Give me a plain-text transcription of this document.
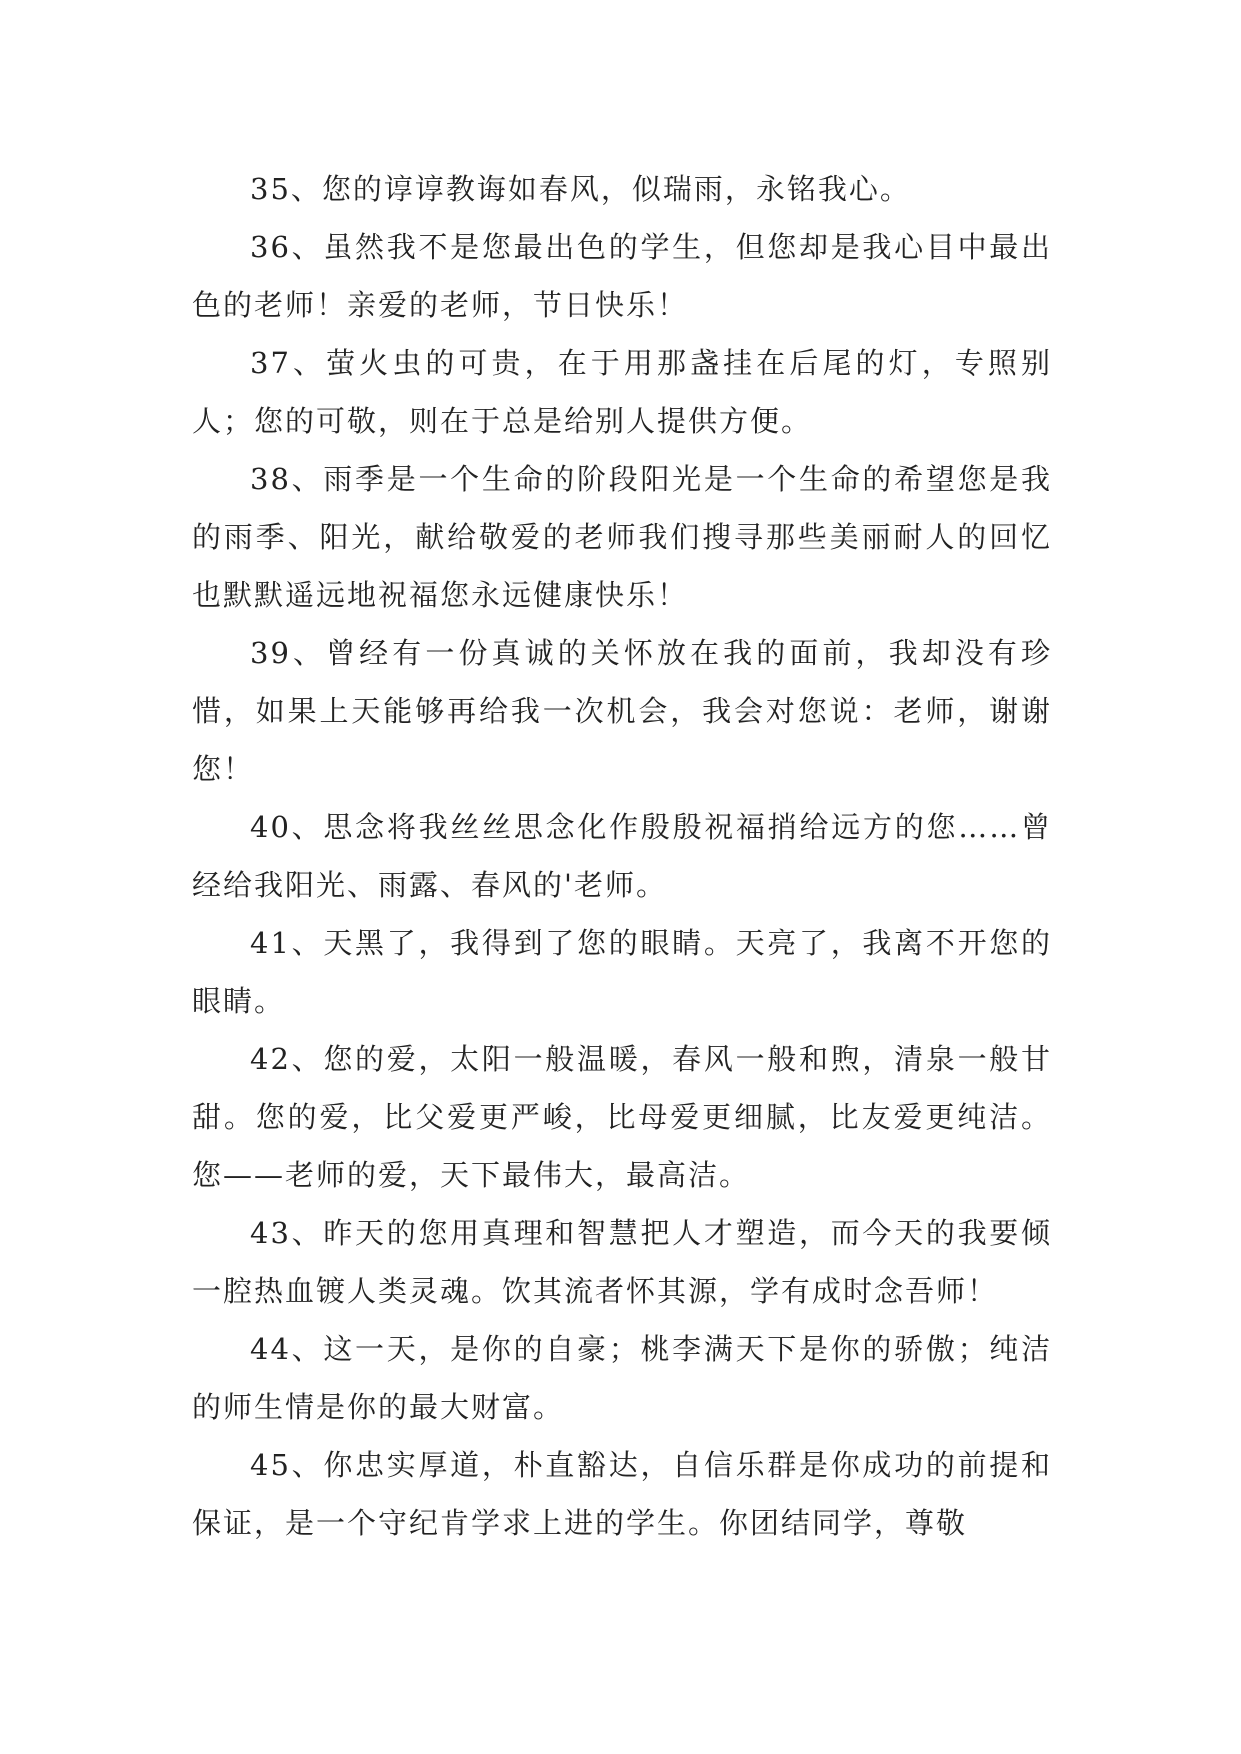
35、您的谆谆教诲如春风，似瑞雨，永铭我心。

36、虽然我不是您最出色的学生，但您却是我心目中最出色的老师！亲爱的老师，节日快乐！

37、萤火虫的可贵，在于用那盏挂在后尾的灯，专照别人；您的可敬，则在于总是给别人提供方便。

38、雨季是一个生命的阶段阳光是一个生命的希望您是我的雨季、阳光，献给敬爱的老师我们搜寻那些美丽耐人的回忆也默默遥远地祝福您永远健康快乐！

39、曾经有一份真诚的关怀放在我的面前，我却没有珍惜，如果上天能够再给我一次机会，我会对您说：老师，谢谢您！

40、思念将我丝丝思念化作殷殷祝福捎给远方的您……曾经给我阳光、雨露、春风的'老师。

41、天黑了，我得到了您的眼睛。天亮了，我离不开您的眼睛。

42、您的爱，太阳一般温暖，春风一般和煦，清泉一般甘甜。您的爱，比父爱更严峻，比母爱更细腻，比友爱更纯洁。您——老师的爱，天下最伟大，最高洁。

43、昨天的您用真理和智慧把人才塑造，而今天的我要倾一腔热血镀人类灵魂。饮其流者怀其源，学有成时念吾师！

44、这一天，是你的自豪；桃李满天下是你的骄傲；纯洁的师生情是你的最大财富。

45、你忠实厚道，朴直豁达，自信乐群是你成功的前提和保证，是一个守纪肯学求上进的学生。你团结同学，尊敬
